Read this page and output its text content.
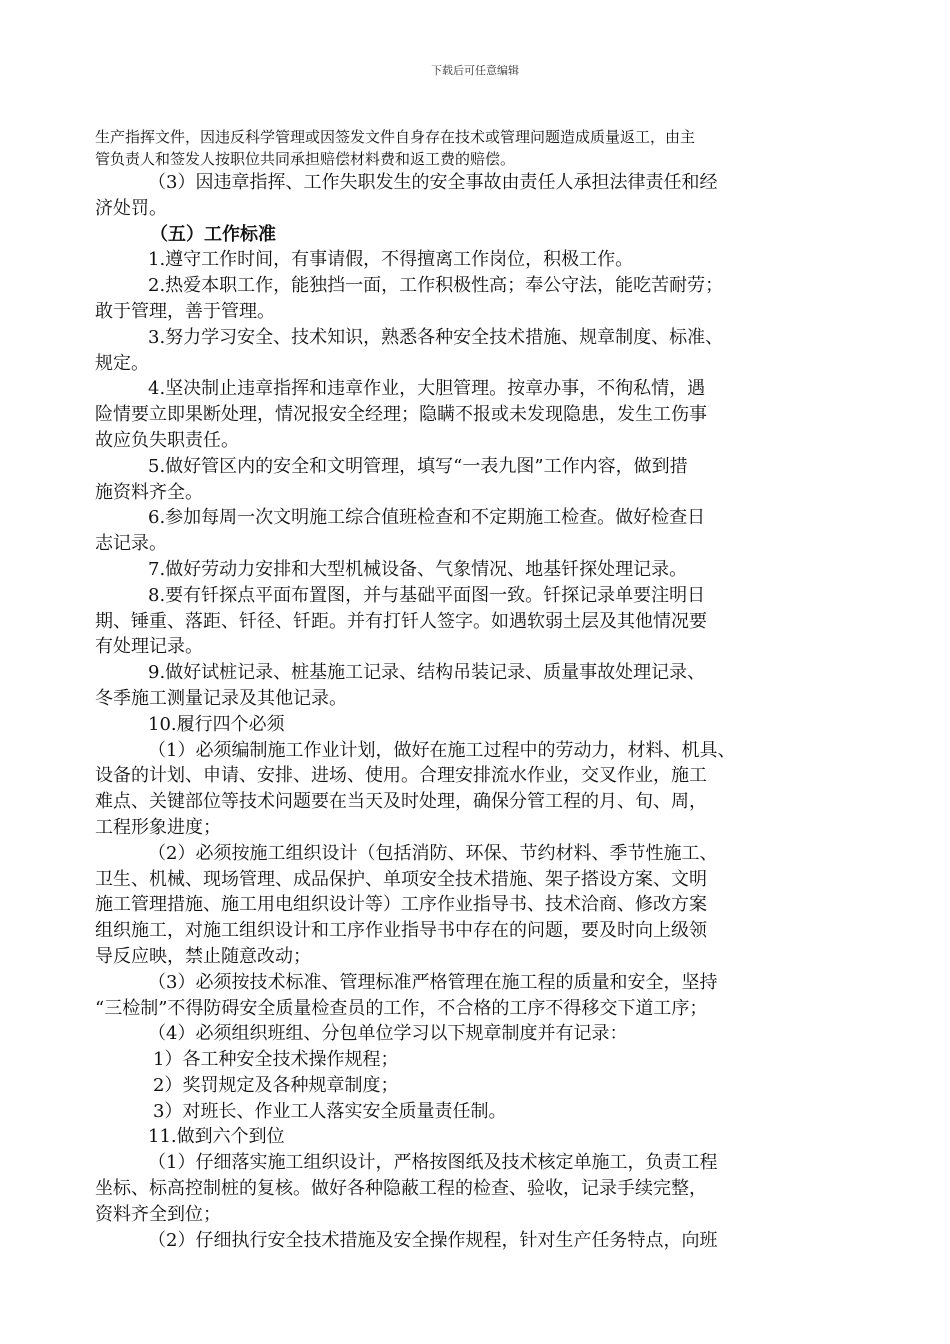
下载后可任意编辑
生产指挥文件，因违反科学管理或因签发文件自身存在技术或管理问题造成质量返工，由主
管负责人和签发人按职位共同承担赔偿材料费和返工费的赔偿。
（3）因违章指挥、工作失职发生的安全事故由责任人承担法律责任和经
济处罚。
（五）工作标准
1.遵守工作时间，有事请假，不得擅离工作岗位，积极工作。
2.热爱本职工作，能独挡一面，工作积极性高；奉公守法，能吃苦耐劳；
敢于管理，善于管理。
3.努力学习安全、技术知识，熟悉各种安全技术措施、规章制度、标准、
规定。
4.坚决制止违章指挥和违章作业，大胆管理。按章办事，不徇私情，遇
险情要立即果断处理，情况报安全经理；隐瞒不报或未发现隐患，发生工伤事
故应负失职责任。
5.做好管区内的安全和文明管理，填写“一表九图”工作内容，做到措
施资料齐全。
6.参加每周一次文明施工综合值班检查和不定期施工检查。做好检查日
志记录。
7.做好劳动力安排和大型机械设备、气象情况、地基钎探处理记录。
8.要有钎探点平面布置图，并与基础平面图一致。钎探记录单要注明日
期、锤重、落距、钎径、钎距。并有打钎人签字。如遇软弱土层及其他情况要
有处理记录。
9.做好试桩记录、桩基施工记录、结构吊装记录、质量事故处理记录、
冬季施工测量记录及其他记录。
10.履行四个必须
（1）必须编制施工作业计划，做好在施工过程中的劳动力，材料、机具、
设备的计划、申请、安排、进场、使用。合理安排流水作业，交叉作业，施工
难点、关键部位等技术问题要在当天及时处理，确保分管工程的月、旬、周，
工程形象进度；
（2）必须按施工组织设计（包括消防、环保、节约材料、季节性施工、
卫生、机械、现场管理、成品保护、单项安全技术措施、架子搭设方案、文明
施工管理措施、施工用电组织设计等）工序作业指导书、技术洽商、修改方案
组织施工，对施工组织设计和工序作业指导书中存在的问题，要及时向上级领
导反应映，禁止随意改动；
（3）必须按技术标准、管理标准严格管理在施工程的质量和安全，坚持
“三检制”不得防碍安全质量检查员的工作，不合格的工序不得移交下道工序；
（4）必须组织班组、分包单位学习以下规章制度并有记录：
1）各工种安全技术操作规程；
2）奖罚规定及各种规章制度；
3）对班长、作业工人落实安全质量责任制。
11.做到六个到位
（1）仔细落实施工组织设计，严格按图纸及技术核定单施工，负责工程
坐标、标高控制桩的复核。做好各种隐蔽工程的检查、验收，记录手续完整，
资料齐全到位；
（2）仔细执行安全技术措施及安全操作规程，针对生产任务特点，向班
